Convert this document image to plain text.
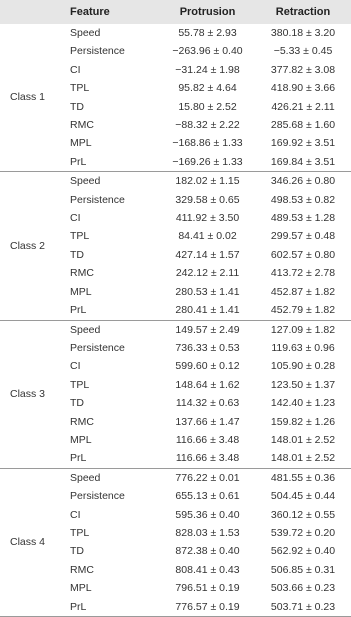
	Feature	Protrusion	Retraction
Class 1	Speed	55.78 ± 2.93	380.18 ± 3.20
	Persistence	−263.96 ± 0.40	−5.33 ± 0.45
	CI	−31.24 ± 1.98	377.82 ± 3.08
	TPL	95.82 ± 4.64	418.90 ± 3.66
	TD	15.80 ± 2.52	426.21 ± 2.11
	RMC	−88.32 ± 2.22	285.68 ± 1.60
	MPL	−168.86 ± 1.33	169.92 ± 3.51
	PrL	−169.26 ± 1.33	169.84 ± 3.51
Class 2	Speed	182.02 ± 1.15	346.26 ± 0.80
	Persistence	329.58 ± 0.65	498.53 ± 0.82
	CI	411.92 ± 3.50	489.53 ± 1.28
	TPL	84.41 ± 0.02	299.57 ± 0.48
	TD	427.14 ± 1.57	602.57 ± 0.80
	RMC	242.12 ± 2.11	413.72 ± 2.78
	MPL	280.53 ± 1.41	452.87 ± 1.82
	PrL	280.41 ± 1.41	452.79 ± 1.82
Class 3	Speed	149.57 ± 2.49	127.09 ± 1.82
	Persistence	736.33 ± 0.53	119.63 ± 0.96
	CI	599.60 ± 0.12	105.90 ± 0.28
	TPL	148.64 ± 1.62	123.50 ± 1.37
	TD	114.32 ± 0.63	142.40 ± 1.23
	RMC	137.66 ± 1.47	159.82 ± 1.26
	MPL	116.66 ± 3.48	148.01 ± 2.52
	PrL	116.66 ± 3.48	148.01 ± 2.52
Class 4	Speed	776.22 ± 0.01	481.55 ± 0.36
	Persistence	655.13 ± 0.61	504.45 ± 0.44
	CI	595.36 ± 0.40	360.12 ± 0.55
	TPL	828.03 ± 1.53	539.72 ± 0.20
	TD	872.38 ± 0.40	562.92 ± 0.40
	RMC	808.41 ± 0.43	506.85 ± 0.31
	MPL	796.51 ± 0.19	503.66 ± 0.23
	PrL	776.57 ± 0.19	503.71 ± 0.23
